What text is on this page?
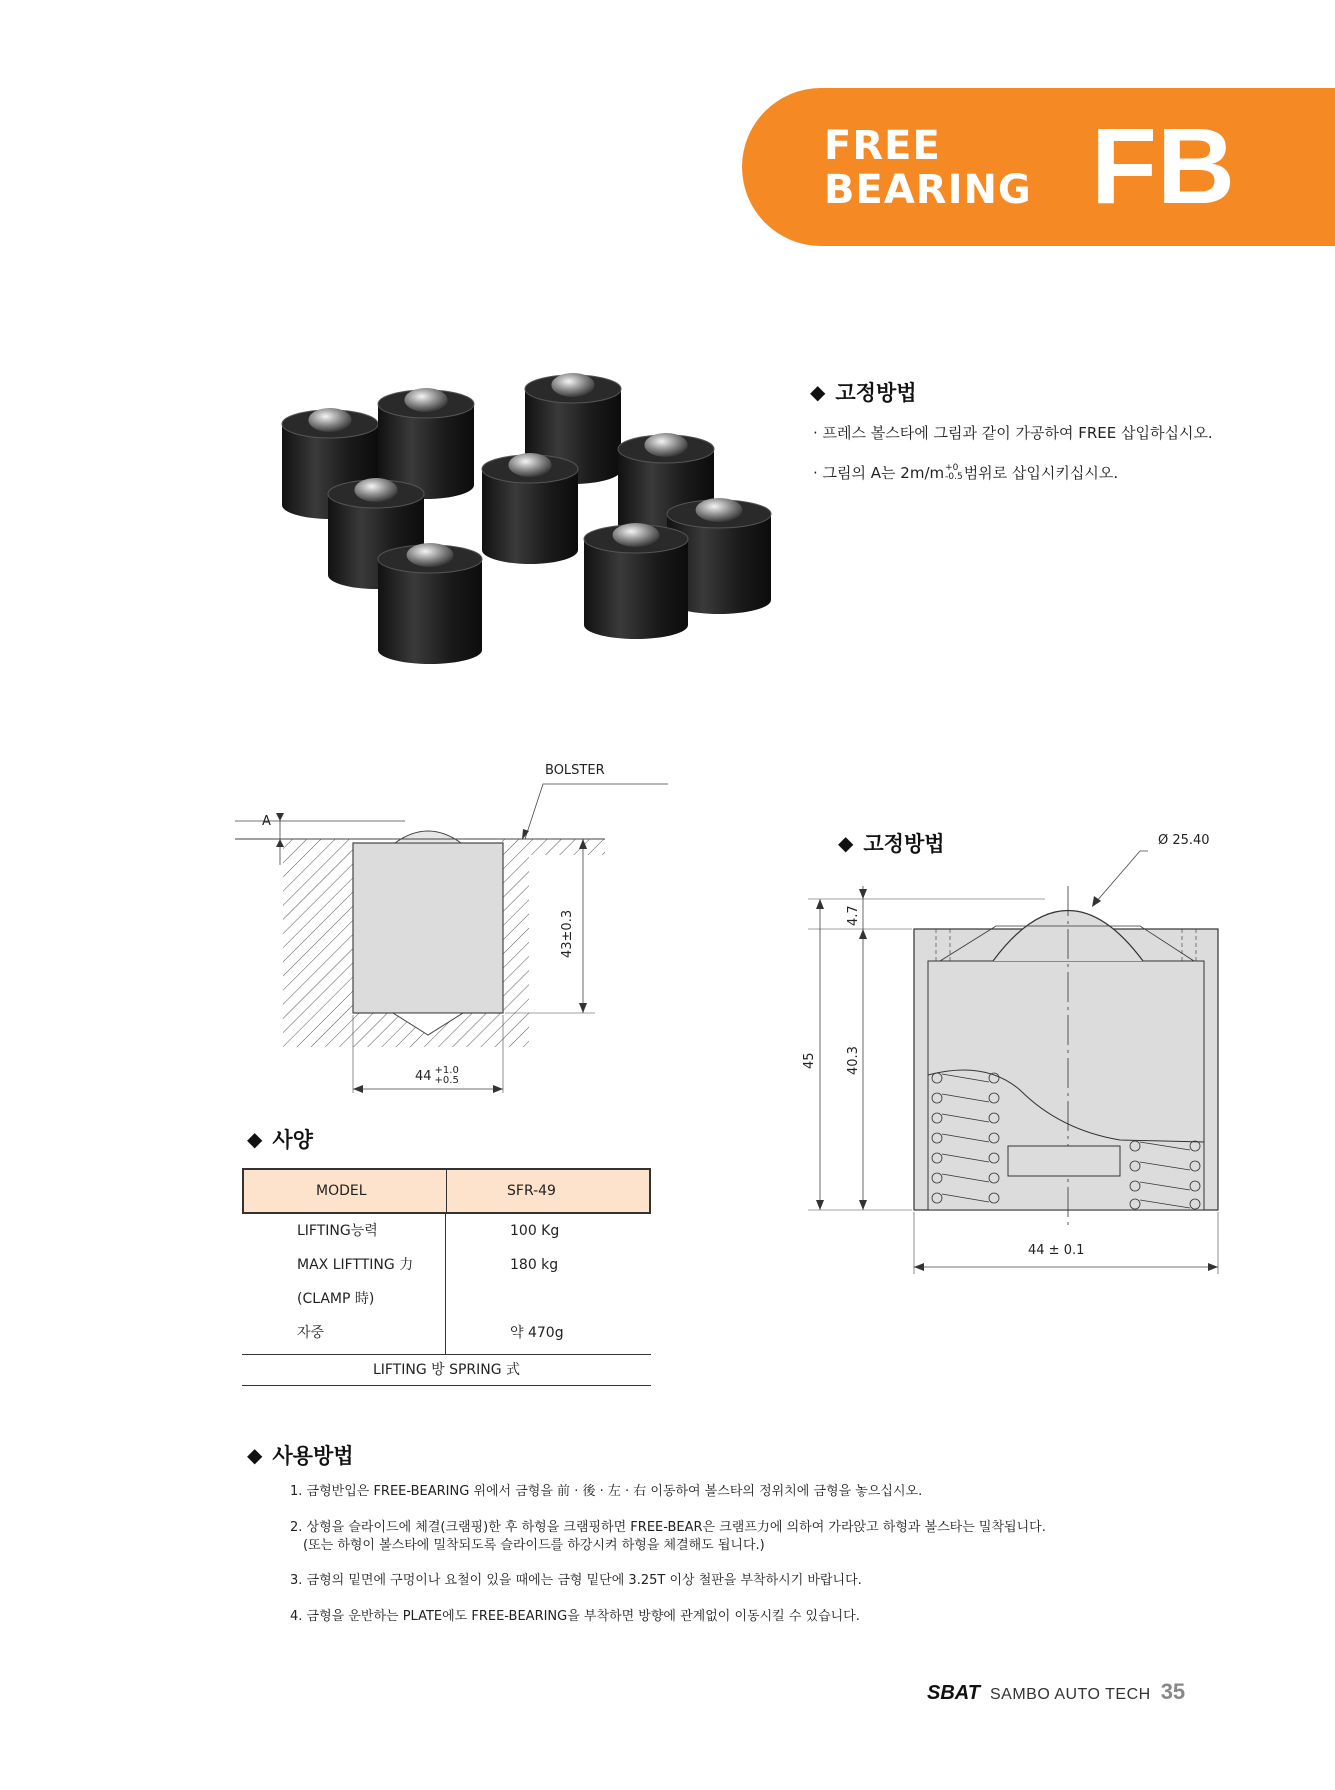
FREE
BEARING FB
◆ 고정방법
· 프레스 볼스타에 그림과 같이 가공하여 FREE 삽입하십시오.
· 그림의 A는 2m/m +0
-0.5 범위로 삽입시키십시오.
BOLSTER
A
43±0.3
44 +1.0
+0.5
◆ 고정방법	Ø 25.40
4.7
40.3
45
44 ± 0.1
◆ 사양
MODEL	SFR-49
LIFTING능력	100 Kg
MAX LIFTTING 力	180 kg
(CLAMP 時)
자중	약 470g
LIFTING 방 SPRING 式
◆ 사용방법
1. 금형반입은 FREE-BEARING 위에서 금형을 前 · 後 · 左 · 右 이동하여 볼스타의 정위치에 금형을 놓으십시오.
2. 상형을 슬라이드에 체결(크램핑)한 후 하형을 크램핑하면 FREE-BEAR은 크램프力에 의하여 가라앉고 하형과 볼스타는 밀착됩니다.
(또는 하형이 볼스타에 밀착되도록 슬라이드를 하강시켜 하형을 체결해도 됩니다.)
3. 금형의 밑면에 구멍이나 요철이 있을 때에는 금형 밑단에 3.25T 이상 철판을 부착하시기 바랍니다.
4. 금형을 운반하는 PLATE에도 FREE-BEARING을 부착하면 방향에 관계없이 이동시킬 수 있습니다.
SBAT SAMBO AUTO TECH 35
